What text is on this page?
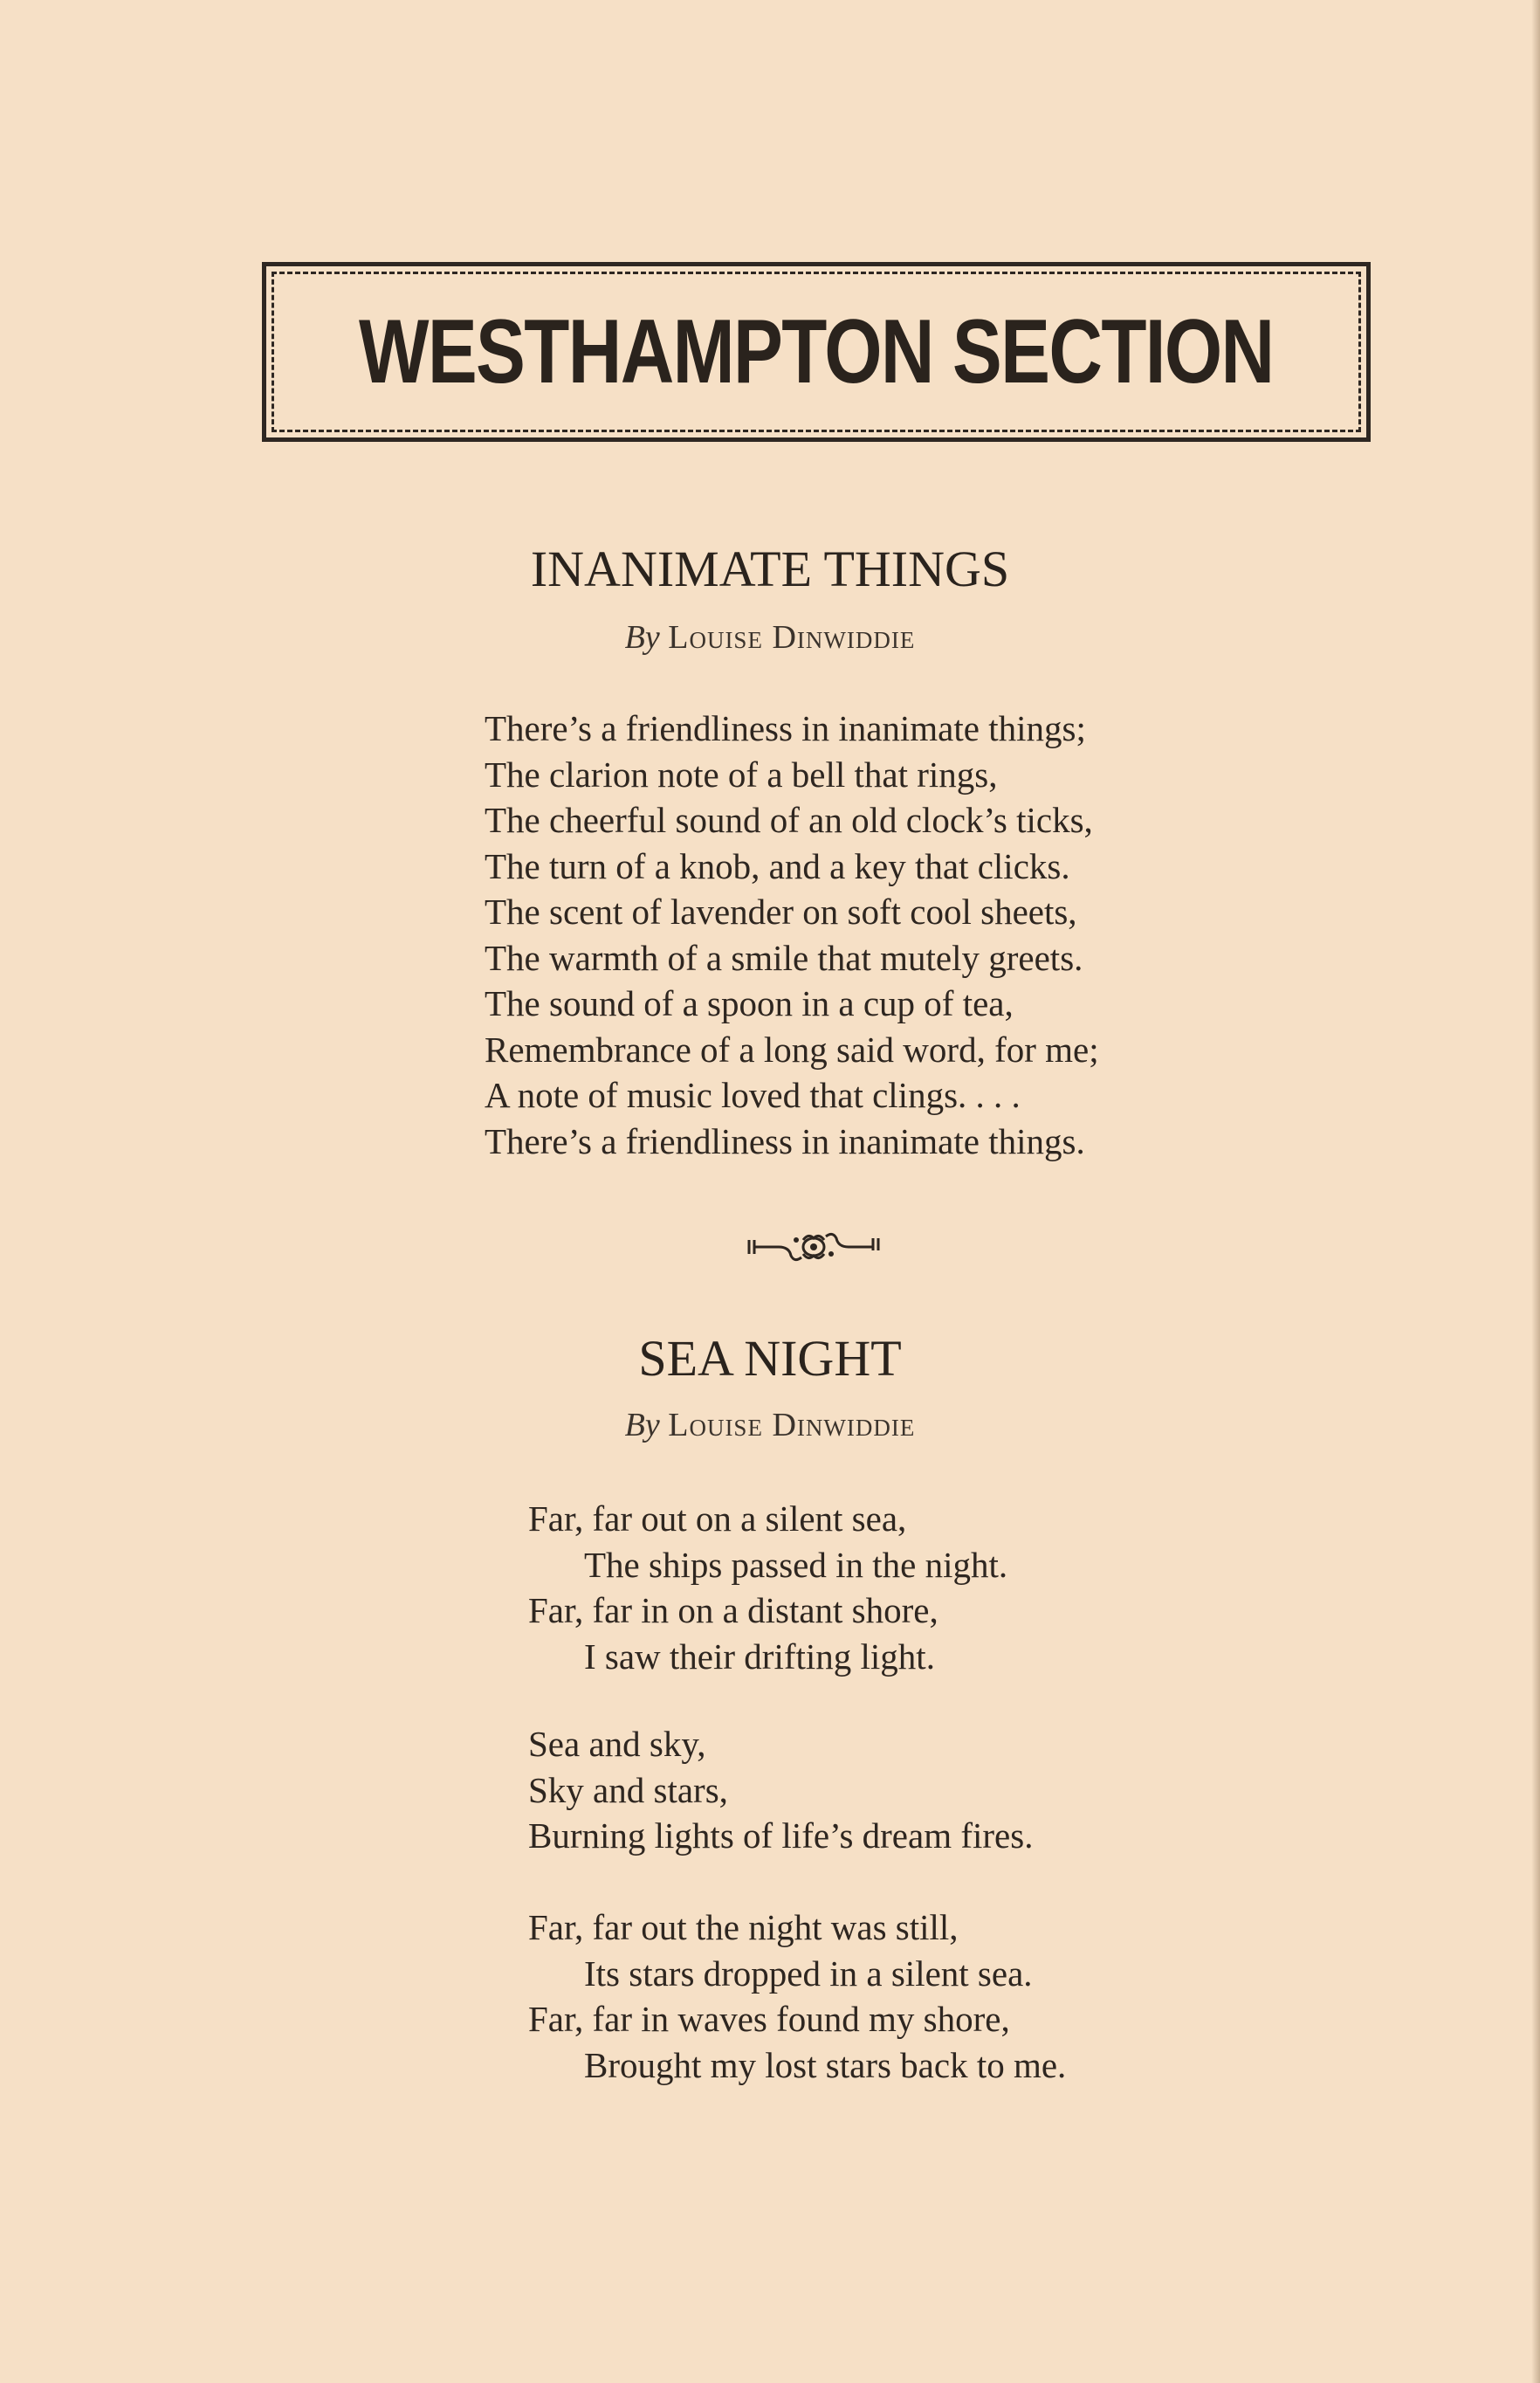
WESTHAMPTON SECTION
INANIMATE THINGS
By Louise Dinwiddie
There’s a friendliness in inanimate things;
The clarion note of a bell that rings,
The cheerful sound of an old clock’s ticks,
The turn of a knob, and a key that clicks.
The scent of lavender on soft cool sheets,
The warmth of a smile that mutely greets.
The sound of a spoon in a cup of tea,
Remembrance of a long said word, for me;
A note of music loved that clings. . . .
There’s a friendliness in inanimate things.
SEA NIGHT
By Louise Dinwiddie
Far, far out on a silent sea,
The ships passed in the night.
Far, far in on a distant shore,
I saw their drifting light.
Sea and sky,
Sky and stars,
Burning lights of life’s dream fires.
Far, far out the night was still,
Its stars dropped in a silent sea.
Far, far in waves found my shore,
Brought my lost stars back to me.
